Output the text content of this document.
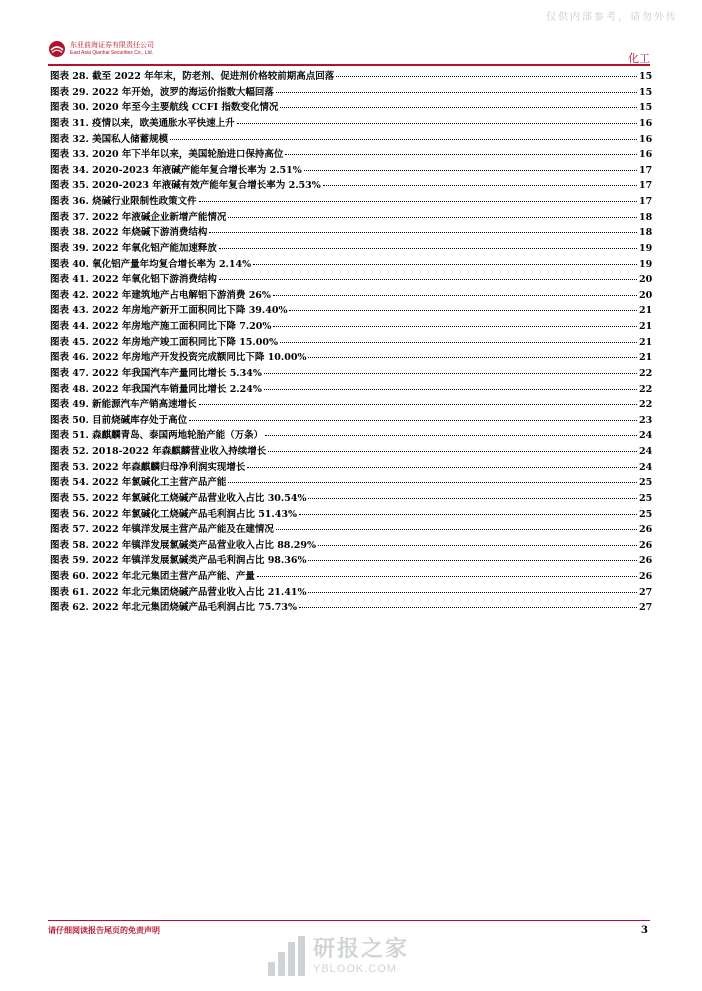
仅供内部参考，请勿外传
东亚前海证券有限责任公司
East Asia Qianhai Securities Co., Ltd.	化工
图表 28. 截至 2022 年年末，防老剂、促进剂价格较前期高点回落	15
图表 29. 2022 年开始，波罗的海运价指数大幅回落	15
图表 30. 2020 年至今主要航线 CCFI 指数变化情况	15
图表 31. 疫情以来，欧美通胀水平快速上升	16
图表 32. 美国私人储蓄规模	16
图表 33. 2020 年下半年以来，美国轮胎进口保持高位	16
图表 34. 2020-2023 年液碱产能年复合增长率为 2.51%	17
图表 35. 2020-2023 年液碱有效产能年复合增长率为 2.53%	17
图表 36. 烧碱行业限制性政策文件	17
图表 37. 2022 年液碱企业新增产能情况	18
图表 38. 2022 年烧碱下游消费结构	18
图表 39. 2022 年氧化铝产能加速释放	19
图表 40. 氧化铝产量年均复合增长率为 2.14%	19
图表 41. 2022 年氧化铝下游消费结构	20
图表 42. 2022 年建筑地产占电解铝下游消费 26%	20
图表 43. 2022 年房地产新开工面积同比下降 39.40%	21
图表 44. 2022 年房地产施工面积同比下降 7.20%	21
图表 45. 2022 年房地产竣工面积同比下降 15.00%	21
图表 46. 2022 年房地产开发投资完成额同比下降 10.00%	21
图表 47. 2022 年我国汽车产量同比增长 5.34%	22
图表 48. 2022 年我国汽车销量同比增长 2.24%	22
图表 49. 新能源汽车产销高速增长	22
图表 50. 目前烧碱库存处于高位	23
图表 51. 森麒麟青岛、泰国两地轮胎产能（万条）	24
图表 52. 2018-2022 年森麒麟营业收入持续增长	24
图表 53. 2022 年森麒麟归母净利润实现增长	24
图表 54. 2022 年氯碱化工主营产品产能	25
图表 55. 2022 年氯碱化工烧碱产品营业收入占比 30.54%	25
图表 56. 2022 年氯碱化工烧碱产品毛利润占比 51.43%	25
图表 57. 2022 年镇洋发展主营产品产能及在建情况	26
图表 58. 2022 年镇洋发展氯碱类产品营业收入占比 88.29%	26
图表 59. 2022 年镇洋发展氯碱类产品毛利润占比 98.36%	26
图表 60. 2022 年北元集团主营产品产能、产量	26
图表 61. 2022 年北元集团烧碱产品营业收入占比 21.41%	27
图表 62. 2022 年北元集团烧碱产品毛利润占比 75.73%	27
请仔细阅读报告尾页的免责声明	3
研报之家
YBLOOK.COM
